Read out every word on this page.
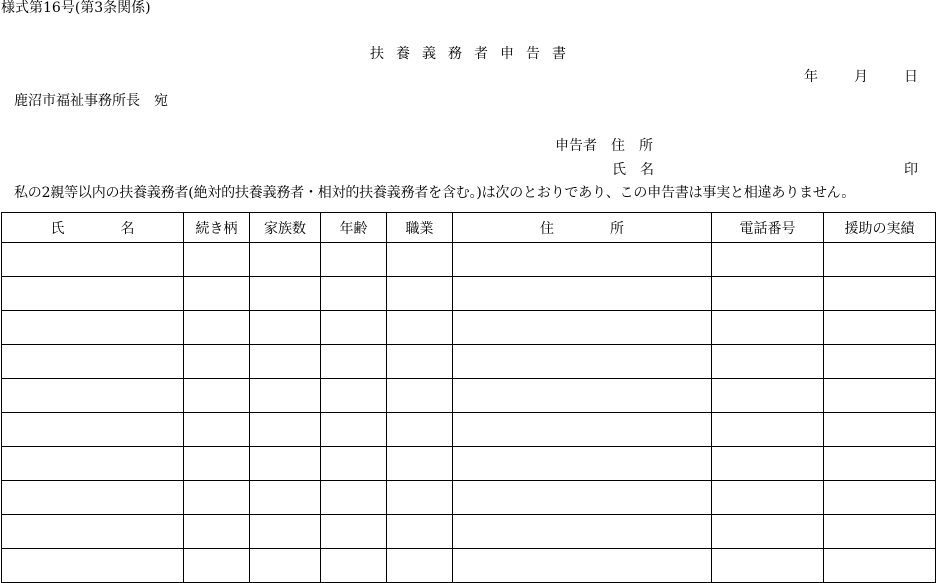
様式第16号(第3条関係)
扶養義務者申告書
年	月	日
鹿沼市福祉事務所長　宛
申告者　住　所
氏　名	印
私の2親等以内の扶養義務者(絶対的扶養義務者・相対的扶養義務者を含む。)は次のとおりであり、この申告書は事実と相違ありません。
氏　　　　名	続き柄	家族数	年齢	職業	住　　　　所	電話番号	援助の実績
